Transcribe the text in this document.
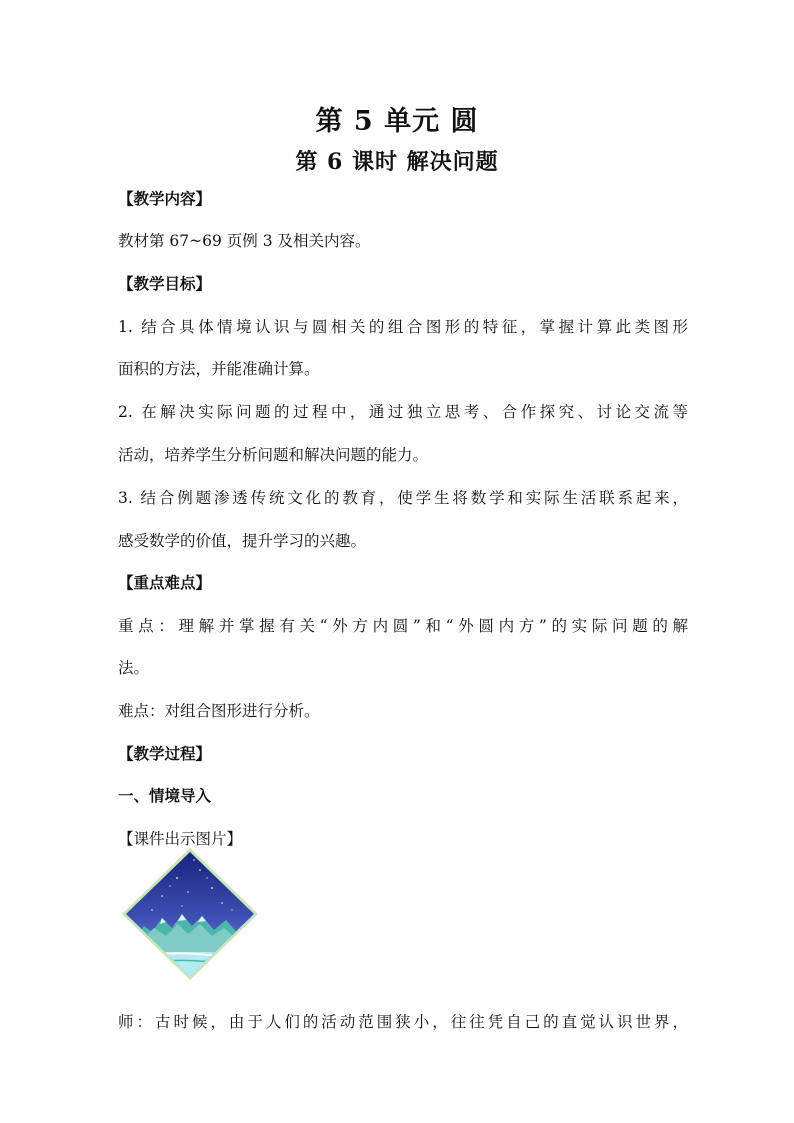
第 5 单元 圆
第 6 课时 解决问题
【教学内容】
教材第 67~69 页例 3 及相关内容。
【教学目标】
1. 结合具体情境认识与圆相关的组合图形的特征，掌握计算此类图形
面积的方法，并能准确计算。
2. 在解决实际问题的过程中，通过独立思考、合作探究、讨论交流等
活动，培养学生分析问题和解决问题的能力。
3. 结合例题渗透传统文化的教育，使学生将数学和实际生活联系起来，
感受数学的价值，提升学习的兴趣。
【重点难点】
重点：理解并掌握有关“外方内圆”和“外圆内方”的实际问题的解
法。
难点：对组合图形进行分析。
【教学过程】
一、情境导入
【课件出示图片】
师：古时候，由于人们的活动范围狭小，往往凭自己的直觉认识世界，
